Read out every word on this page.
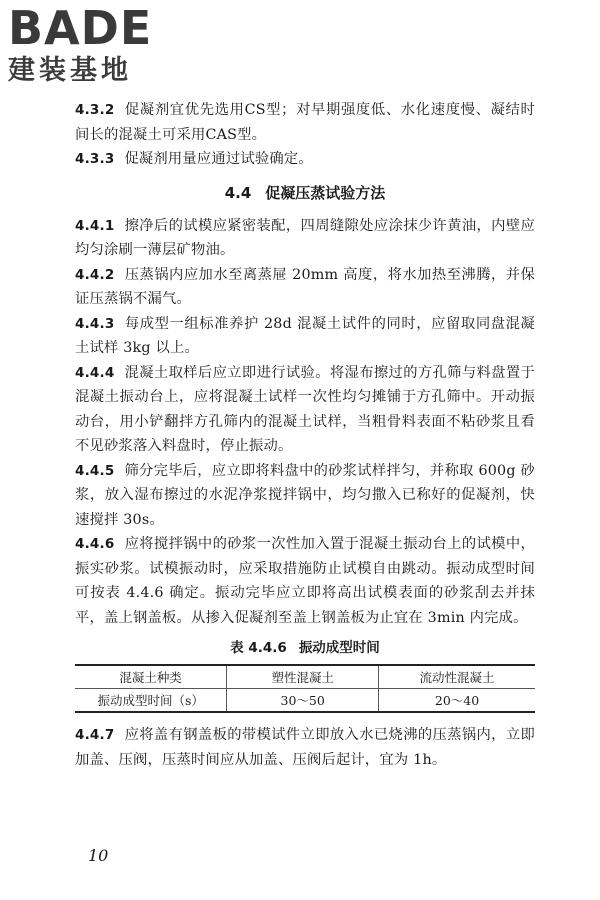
BADE
建装基地

4.3.2 促凝剂宜优先选用CS型；对早期强度低、水化速度慢、凝结时间长的混凝土可采用CAS型。

4.3.3 促凝剂用量应通过试验确定。

4.4 促凝压蒸试验方法

4.4.1 擦净后的试模应紧密装配，四周缝隙处应涂抹少许黄油，内壁应均匀涂刷一薄层矿物油。

4.4.2 压蒸锅内应加水至离蒸屉 20mm 高度，将水加热至沸腾，并保证压蒸锅不漏气。

4.4.3 每成型一组标准养护 28d 混凝土试件的同时，应留取同盘混凝土试样 3kg 以上。

4.4.4 混凝土取样后应立即进行试验。将湿布擦过的方孔筛与料盘置于混凝土振动台上，应将混凝土试样一次性均匀摊铺于方孔筛中。开动振动台，用小铲翻拌方孔筛内的混凝土试样，当粗骨料表面不粘砂浆且看不见砂浆落入料盘时，停止振动。

4.4.5 筛分完毕后，应立即将料盘中的砂浆试样拌匀，并称取 600g 砂浆，放入湿布擦过的水泥净浆搅拌锅中，均匀撒入已称好的促凝剂，快速搅拌 30s。

4.4.6 应将搅拌锅中的砂浆一次性加入置于混凝土振动台上的试模中，振实砂浆。试模振动时，应采取措施防止试模自由跳动。振动成型时间可按表 4.4.6 确定。振动完毕应立即将高出试模表面的砂浆刮去并抹平，盖上钢盖板。从掺入促凝剂至盖上钢盖板为止宜在 3min 内完成。

表 4.4.6 振动成型时间
混凝土种类	塑性混凝土	流动性混凝土
振动成型时间（s）	30～50	20～40

4.4.7 应将盖有钢盖板的带模试件立即放入水已烧沸的压蒸锅内，立即加盖、压阀，压蒸时间应从加盖、压阀后起计，宜为 1h。

10
